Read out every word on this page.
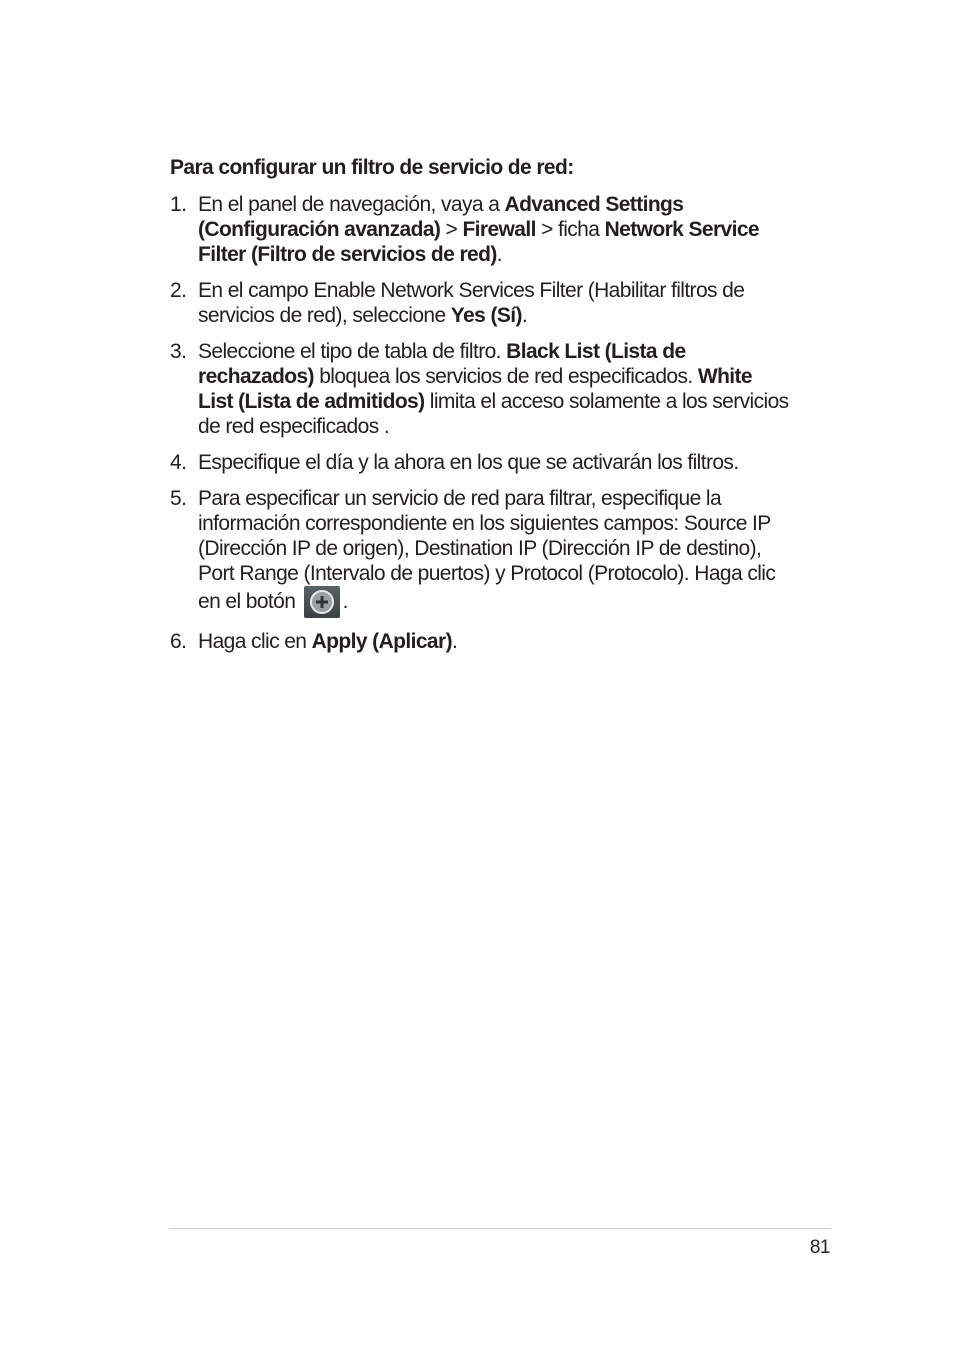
Para configurar un filtro de servicio de red:
1. En el panel de navegación, vaya a Advanced Settings (Configuración avanzada) > Firewall > ficha Network Service Filter (Filtro de servicios de red).
2. En el campo Enable Network Services Filter (Habilitar filtros de servicios de red), seleccione Yes (Sí).
3. Seleccione el tipo de tabla de filtro. Black List (Lista de rechazados) bloquea los servicios de red especificados. White List (Lista de admitidos) limita el acceso solamente a los servicios de red especificados .
4. Especifique el día y la ahora en los que se activarán los filtros.
5. Para especificar un servicio de red para filtrar, especifique la información correspondiente en los siguientes campos: Source IP (Dirección IP de origen), Destination IP (Dirección IP de destino), Port Range (Intervalo de puertos) y Protocol (Protocolo). Haga clic en el botón .
6. Haga clic en Apply (Aplicar).
81
